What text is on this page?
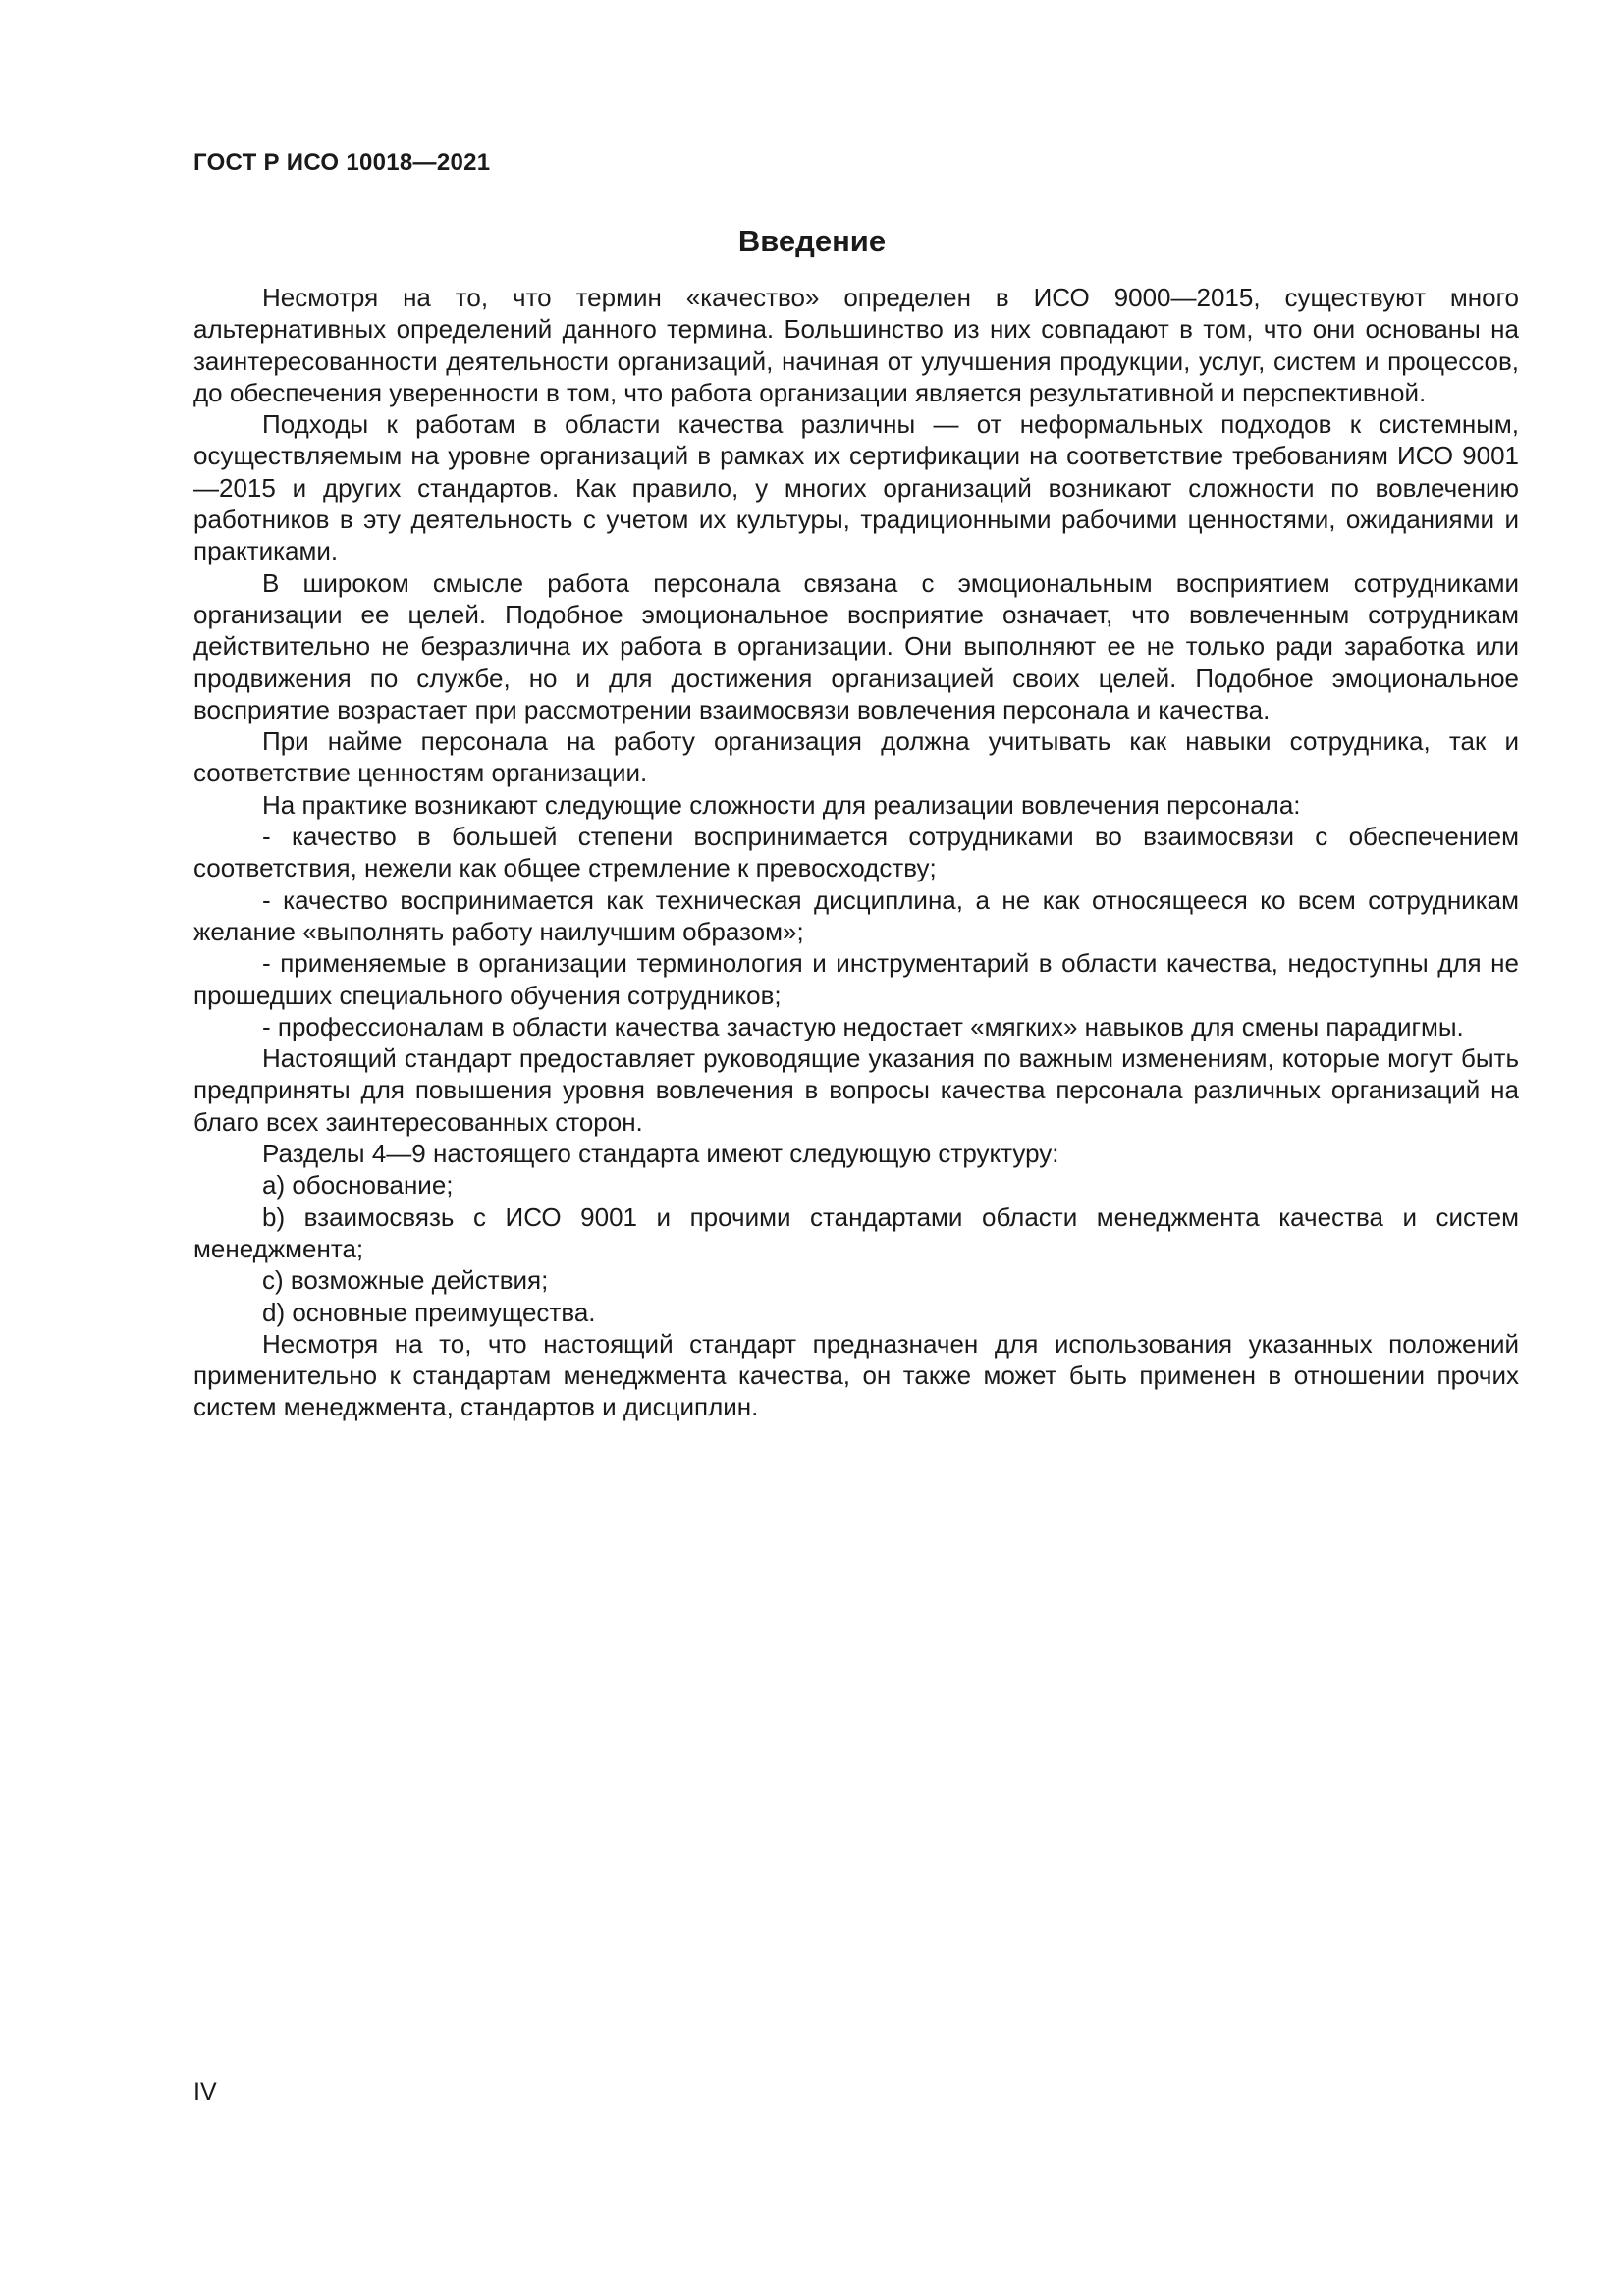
ГОСТ Р ИСО 10018—2021
Введение

Несмотря на то, что термин «качество» определен в ИСО 9000—2015, существуют много альтернативных определений данного термина. Большинство из них совпадают в том, что они основаны на заинтересованности деятельности организаций, начиная от улучшения продукции, услуг, систем и процессов, до обеспечения уверенности в том, что работа организации является результативной и перспективной.

Подходы к работам в области качества различны — от неформальных подходов к системным, осуществляемым на уровне организаций в рамках их сертификации на соответствие требованиям ИСО 9001—2015 и других стандартов. Как правило, у многих организаций возникают сложности по вовлечению работников в эту деятельность с учетом их культуры, традиционными рабочими ценностями, ожиданиями и практиками.

В широком смысле работа персонала связана с эмоциональным восприятием сотрудниками организации ее целей. Подобное эмоциональное восприятие означает, что вовлеченным сотрудникам действительно не безразлична их работа в организации. Они выполняют ее не только ради заработка или продвижения по службе, но и для достижения организацией своих целей. Подобное эмоциональное восприятие возрастает при рассмотрении взаимосвязи вовлечения персонала и качества.

При найме персонала на работу организация должна учитывать как навыки сотрудника, так и соответствие ценностям организации.

На практике возникают следующие сложности для реализации вовлечения персонала:

- качество в большей степени воспринимается сотрудниками во взаимосвязи с обеспечением соответствия, нежели как общее стремление к превосходству;

- качество воспринимается как техническая дисциплина, а не как относящееся ко всем сотрудникам желание «выполнять работу наилучшим образом»;

- применяемые в организации терминология и инструментарий в области качества, недоступны для не прошедших специального обучения сотрудников;

- профессионалам в области качества зачастую недостает «мягких» навыков для смены парадигмы.

Настоящий стандарт предоставляет руководящие указания по важным изменениям, которые могут быть предприняты для повышения уровня вовлечения в вопросы качества персонала различных организаций на благо всех заинтересованных сторон.

Разделы 4—9 настоящего стандарта имеют следующую структуру:

a) обоснование;

b) взаимосвязь с ИСО 9001 и прочими стандартами области менеджмента качества и систем менеджмента;

c) возможные действия;

d) основные преимущества.

Несмотря на то, что настоящий стандарт предназначен для использования указанных положений применительно к стандартам менеджмента качества, он также может быть применен в отношении прочих систем менеджмента, стандартов и дисциплин.

IV
